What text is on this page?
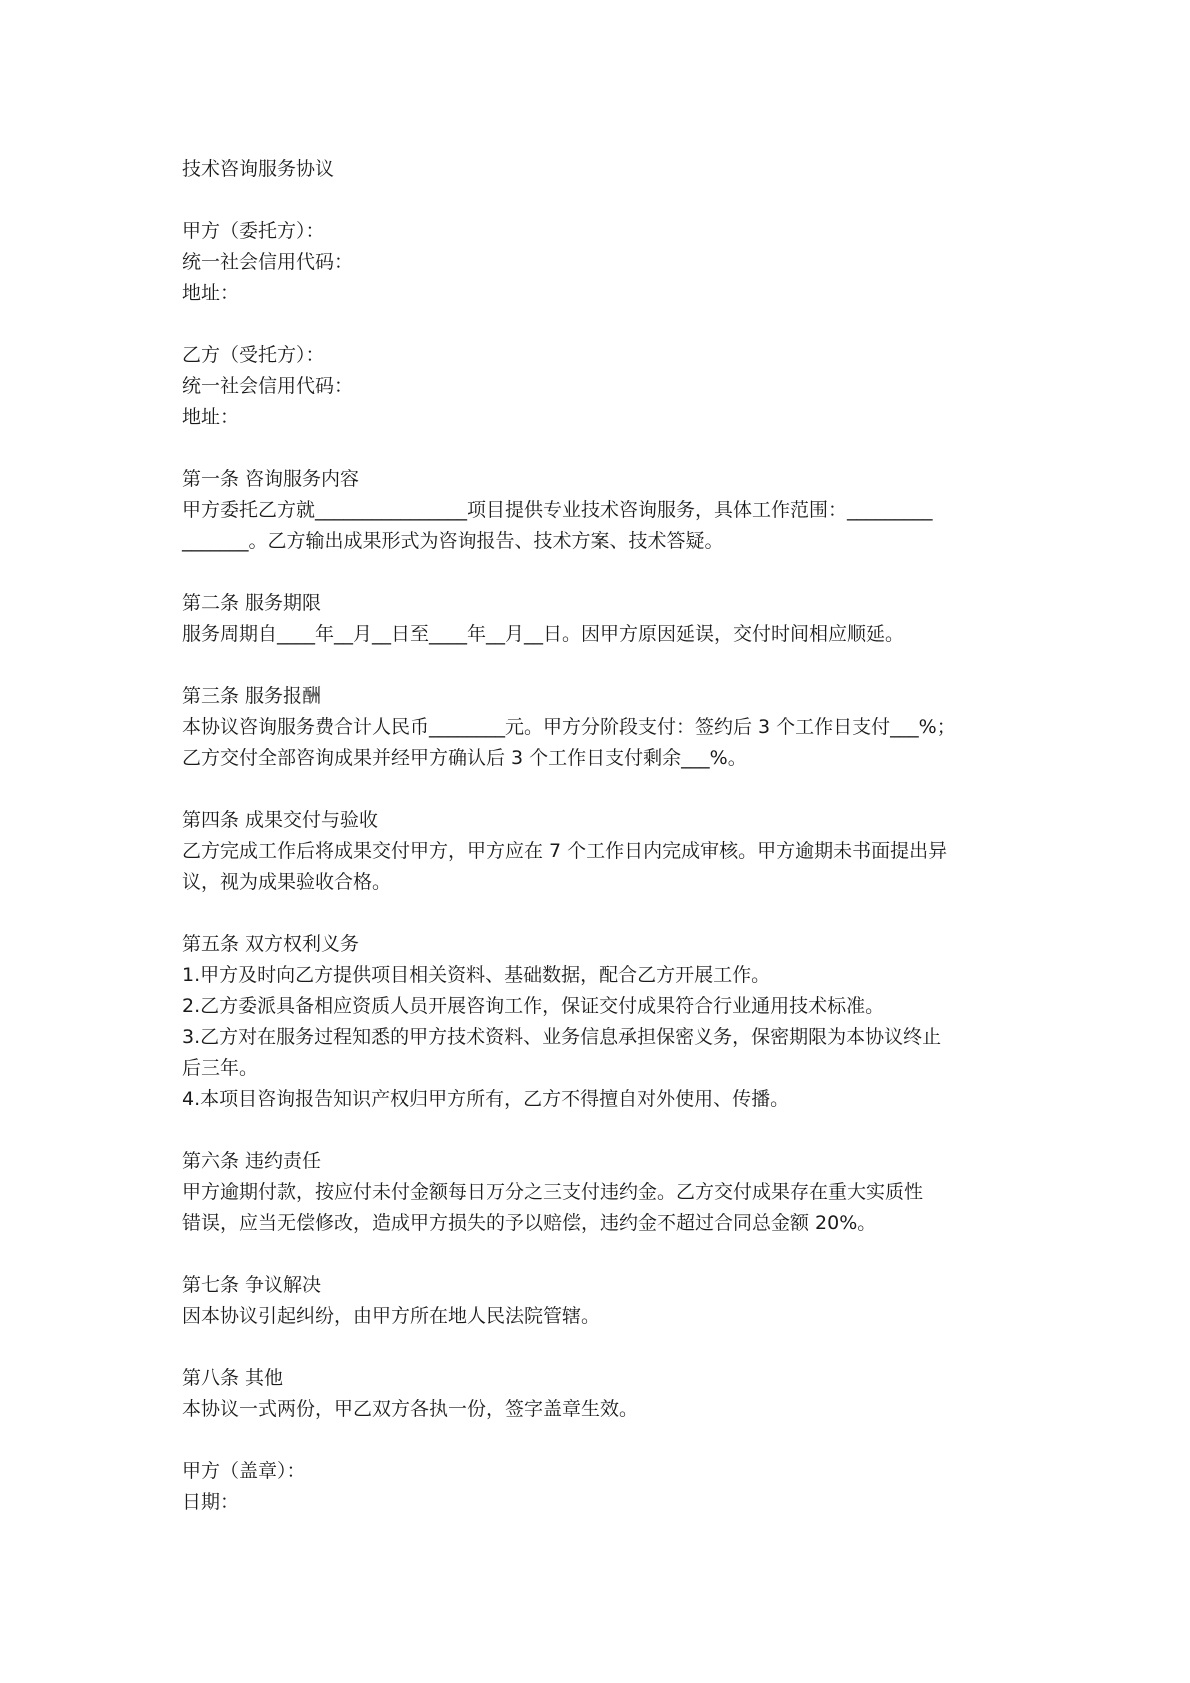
技术咨询服务协议

甲方（委托方）：

统一社会信用代码：

地址：

乙方（受托方）：

统一社会信用代码：

地址：

第一条 咨询服务内容

甲方委托乙方就________________项目提供专业技术咨询服务，具体工作范围：_________

_______。乙方输出成果形式为咨询报告、技术方案、技术答疑。

第二条 服务期限

服务周期自____年__月__日至____年__月__日。因甲方原因延误，交付时间相应顺延。

第三条 服务报酬

本协议咨询服务费合计人民币________元。甲方分阶段支付：签约后 3 个工作日支付___%；

乙方交付全部咨询成果并经甲方确认后 3 个工作日支付剩余___%。

第四条 成果交付与验收

乙方完成工作后将成果交付甲方，甲方应在 7 个工作日内完成审核。甲方逾期未书面提出异

议，视为成果验收合格。

第五条 双方权利义务

1.甲方及时向乙方提供项目相关资料、基础数据，配合乙方开展工作。

2.乙方委派具备相应资质人员开展咨询工作，保证交付成果符合行业通用技术标准。

3.乙方对在服务过程知悉的甲方技术资料、业务信息承担保密义务，保密期限为本协议终止

后三年。

4.本项目咨询报告知识产权归甲方所有，乙方不得擅自对外使用、传播。

第六条 违约责任

甲方逾期付款，按应付未付金额每日万分之三支付违约金。乙方交付成果存在重大实质性

错误，应当无偿修改，造成甲方损失的予以赔偿，违约金不超过合同总金额 20%。

第七条 争议解决

因本协议引起纠纷，由甲方所在地人民法院管辖。

第八条 其他

本协议一式两份，甲乙双方各执一份，签字盖章生效。

甲方（盖章）：

日期：
